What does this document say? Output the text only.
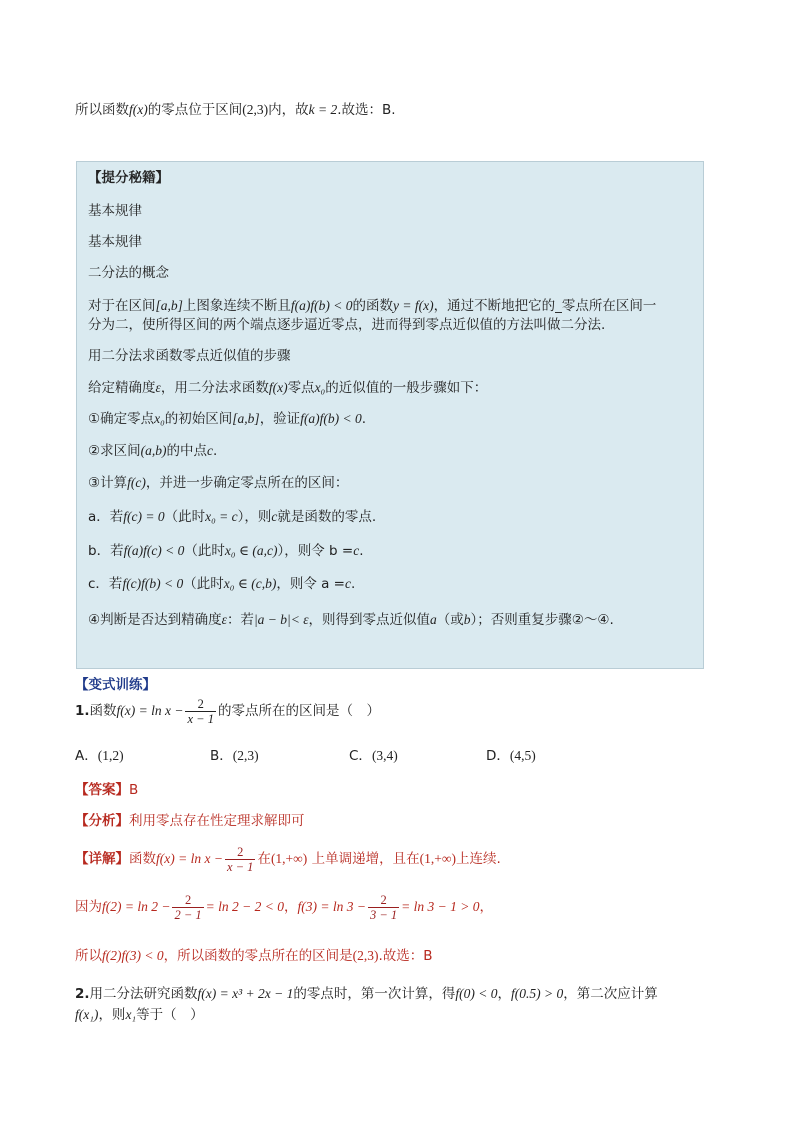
所以函数f(x)的零点位于区间(2,3)内，故k = 2.故选：B.
【提分秘籍】
基本规律
基本规律
二分法的概念
对于在区间[a,b]上图象连续不断且f(a)f(b) < 0的函数y = f(x)，通过不断地把它的_零点所在区间一
分为二，使所得区间的两个端点逐步逼近零点，进而得到零点近似值的方法叫做二分法.
用二分法求函数零点近似值的步骤
给定精确度ε，用二分法求函数f(x)零点x₀的近似值的一般步骤如下：
①确定零点x₀的初始区间[a,b]，验证f(a)f(b) < 0.
②求区间(a,b)的中点c.
③计算f(c)，并进一步确定零点所在的区间：
a．若f(c) = 0（此时x₀ = c），则c就是函数的零点.
b．若f(a)f(c) < 0（此时x₀ ∈ (a,c)），则令 b =c.
c．若f(c)f(b) < 0（此时x₀ ∈ (c,b)，则令 a =c.
④判断是否达到精确度ε：若|a − b|< ε，则得到零点近似值a（或b）；否则重复步骤②～④.
【变式训练】
1.函数$f(x) = \ln x - \frac{2}{x - 1}$ 的零点所在的区间是（　）
A．(1,2)	B．(2,3)	C．(3,4)	D．(4,5)
【答案】B
【分析】利用零点存在性定理求解即可
【详解】函数$f(x) = \ln x - \frac{2}{x - 1}$ 在(1,+∞) 上单调递增，且在(1,+∞)上连续.
因为$f(2) = \ln 2 - \frac{2}{2 - 1} = \ln 2 - 2 < 0$，$f(3) = \ln 3 - \frac{2}{3 - 1} = \ln 3 - 1 > 0$，
所以f(2)f(3) < 0，所以函数的零点所在的区间是(2,3).故选：B
2.用二分法研究函数f(x) = x³ + 2x − 1的零点时，第一次计算，得f(0) < 0，f(0.5) > 0，第二次应计算
f(x₁)，则x₁等于（　）
